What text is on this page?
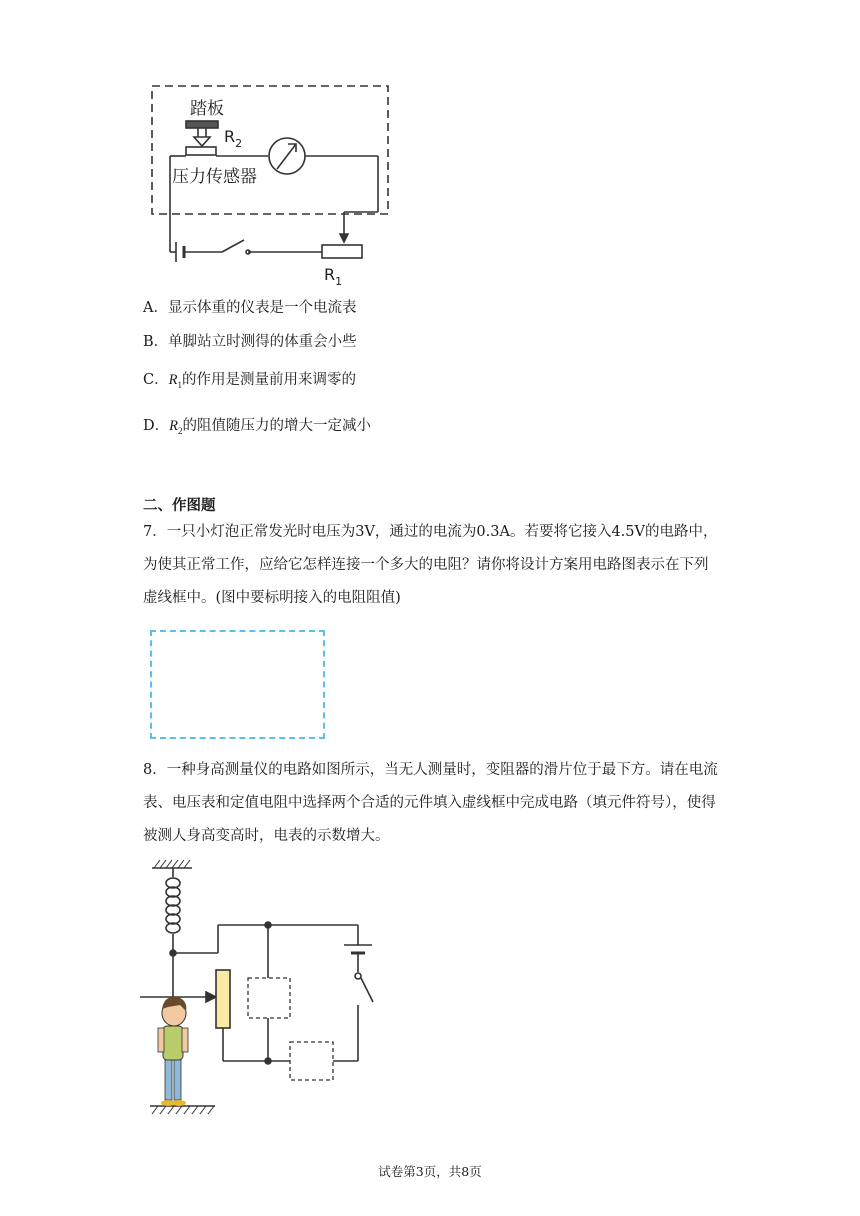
踏板
$R_2$
压力传感器
$R_1$
A．显示体重的仪表是一个电流表
B．单脚站立时测得的体重会小些
C．$R_1$的作用是测量前用来调零的
D．$R_2$的阻值随压力的增大一定减小
二、作图题
7．一只小灯泡正常发光时电压为3V，通过的电流为0.3A。若要将它接入4.5V的电路中，为使其正常工作，应给它怎样连接一个多大的电阻？请你将设计方案用电路图表示在下列虚线框中。(图中要标明接入的电阻阻值)
8．一种身高测量仪的电路如图所示，当无人测量时，变阻器的滑片位于最下方。请在电流表、电压表和定值电阻中选择两个合适的元件填入虚线框中完成电路（填元件符号），使得被测人身高变高时，电表的示数增大。
试卷第3页，共8页
